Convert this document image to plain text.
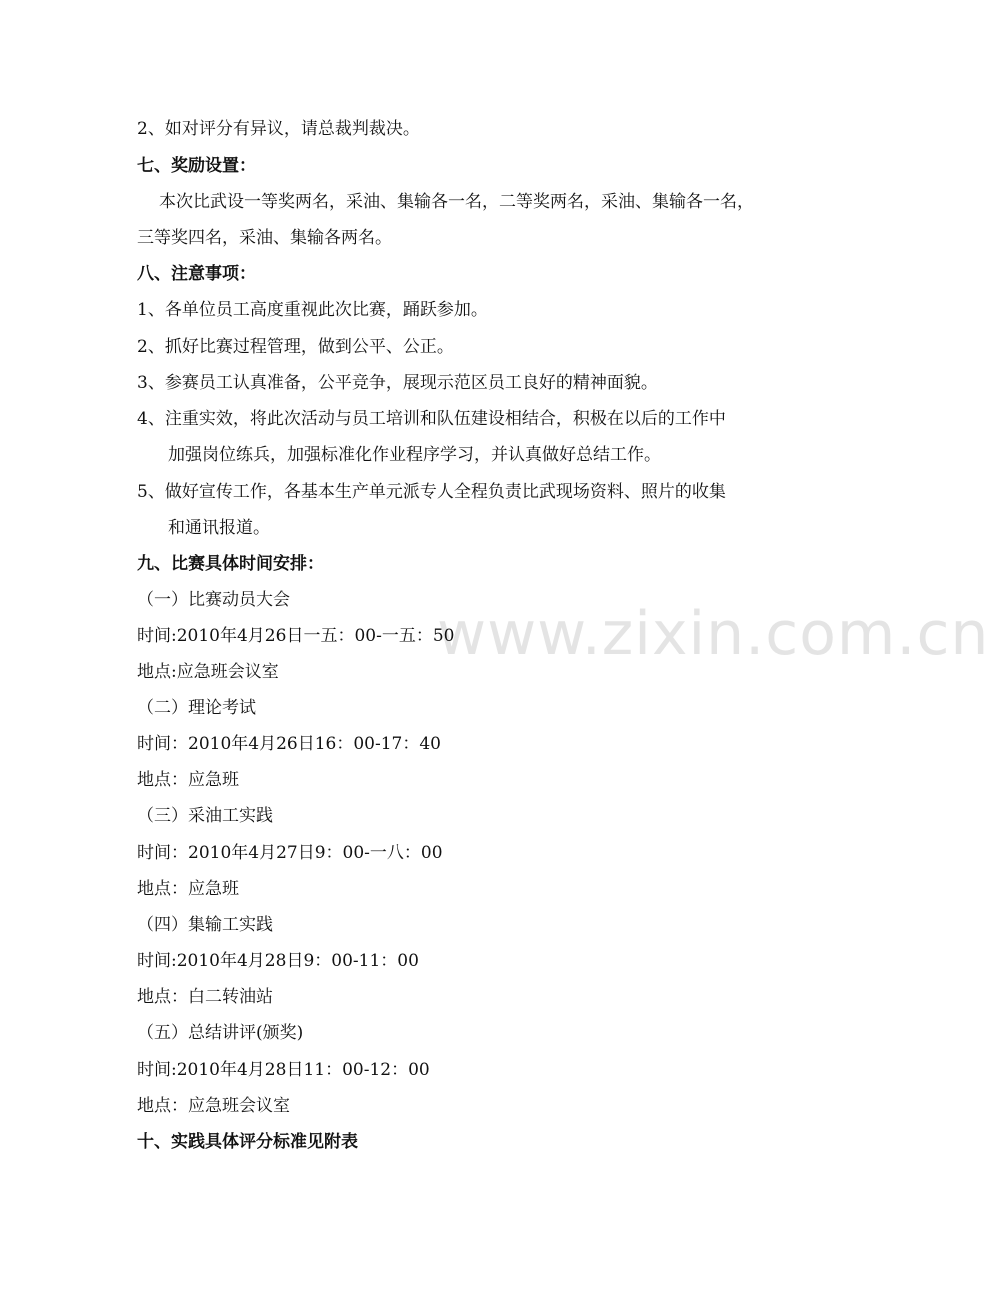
www.zixin.com.cn
2、如对评分有异议，请总裁判裁决。
七、奖励设置：
本次比武设一等奖两名，采油、集输各一名，二等奖两名，采油、集输各一名，
三等奖四名，采油、集输各两名。
八、注意事项：
1、各单位员工高度重视此次比赛，踊跃参加。
2、抓好比赛过程管理，做到公平、公正。
3、参赛员工认真准备，公平竞争，展现示范区员工良好的精神面貌。
4、注重实效，将此次活动与员工培训和队伍建设相结合，积极在以后的工作中
加强岗位练兵，加强标准化作业程序学习，并认真做好总结工作。
5、做好宣传工作，各基本生产单元派专人全程负责比武现场资料、照片的收集
和通讯报道。
九、比赛具体时间安排：
（一）比赛动员大会
时间:2010年4月26日一五：00-一五：50
地点:应急班会议室
（二）理论考试
时间：2010年4月26日16：00-17：40
地点：应急班
（三）采油工实践
时间：2010年4月27日9：00-一八：00
地点：应急班
（四）集输工实践
时间:2010年4月28日9：00-11：00
地点：白二转油站
（五）总结讲评(颁奖)
时间:2010年4月28日11：00-12：00
地点：应急班会议室
十、实践具体评分标准见附表
